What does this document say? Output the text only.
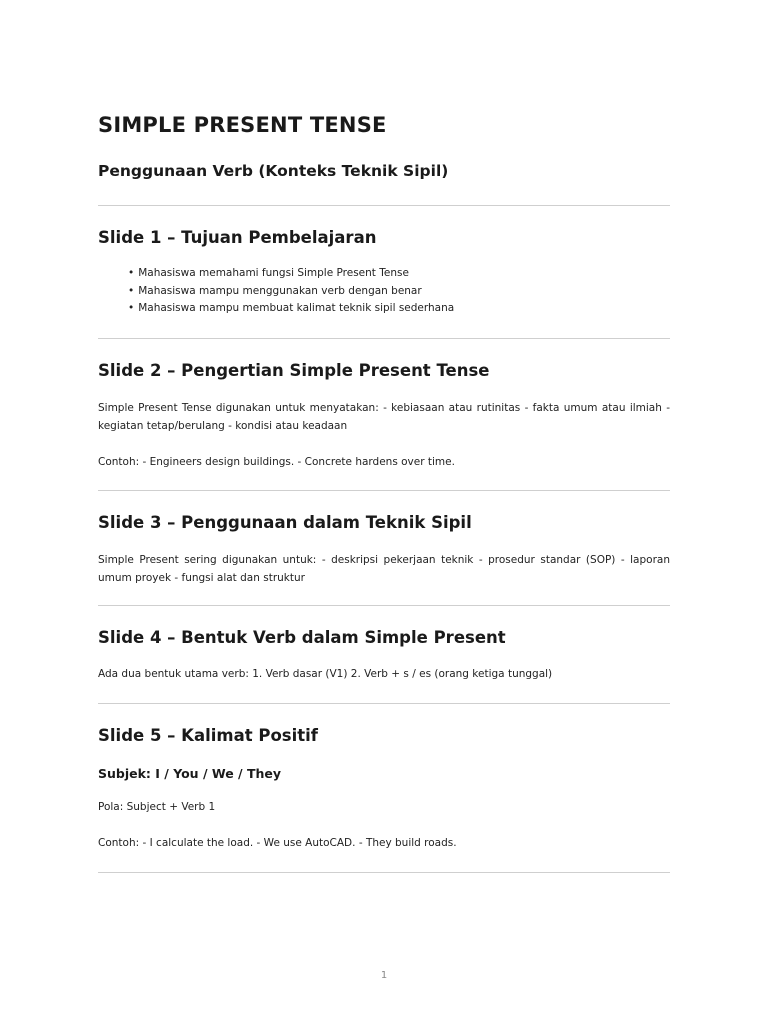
SIMPLE PRESENT TENSE
Penggunaan Verb (Konteks Teknik Sipil)
Slide 1 – Tujuan Pembelajaran
• Mahasiswa memahami fungsi Simple Present Tense
• Mahasiswa mampu menggunakan verb dengan benar
• Mahasiswa mampu membuat kalimat teknik sipil sederhana
Slide 2 – Pengertian Simple Present Tense

Simple Present Tense digunakan untuk menyatakan: - kebiasaan atau rutinitas - fakta umum atau ilmiah - kegiatan tetap/berulang - kondisi atau keadaan

Contoh: - Engineers design buildings. - Concrete hardens over time.

Slide 3 – Penggunaan dalam Teknik Sipil

Simple Present sering digunakan untuk: - deskripsi pekerjaan teknik - prosedur standar (SOP) - laporan umum proyek - fungsi alat dan struktur

Slide 4 – Bentuk Verb dalam Simple Present

Ada dua bentuk utama verb: 1. Verb dasar (V1) 2. Verb + s / es (orang ketiga tunggal)

Slide 5 – Kalimat Positif
Subjek: I / You / We / They

Pola: Subject + Verb 1

Contoh: - I calculate the load. - We use AutoCAD. - They build roads.

1
